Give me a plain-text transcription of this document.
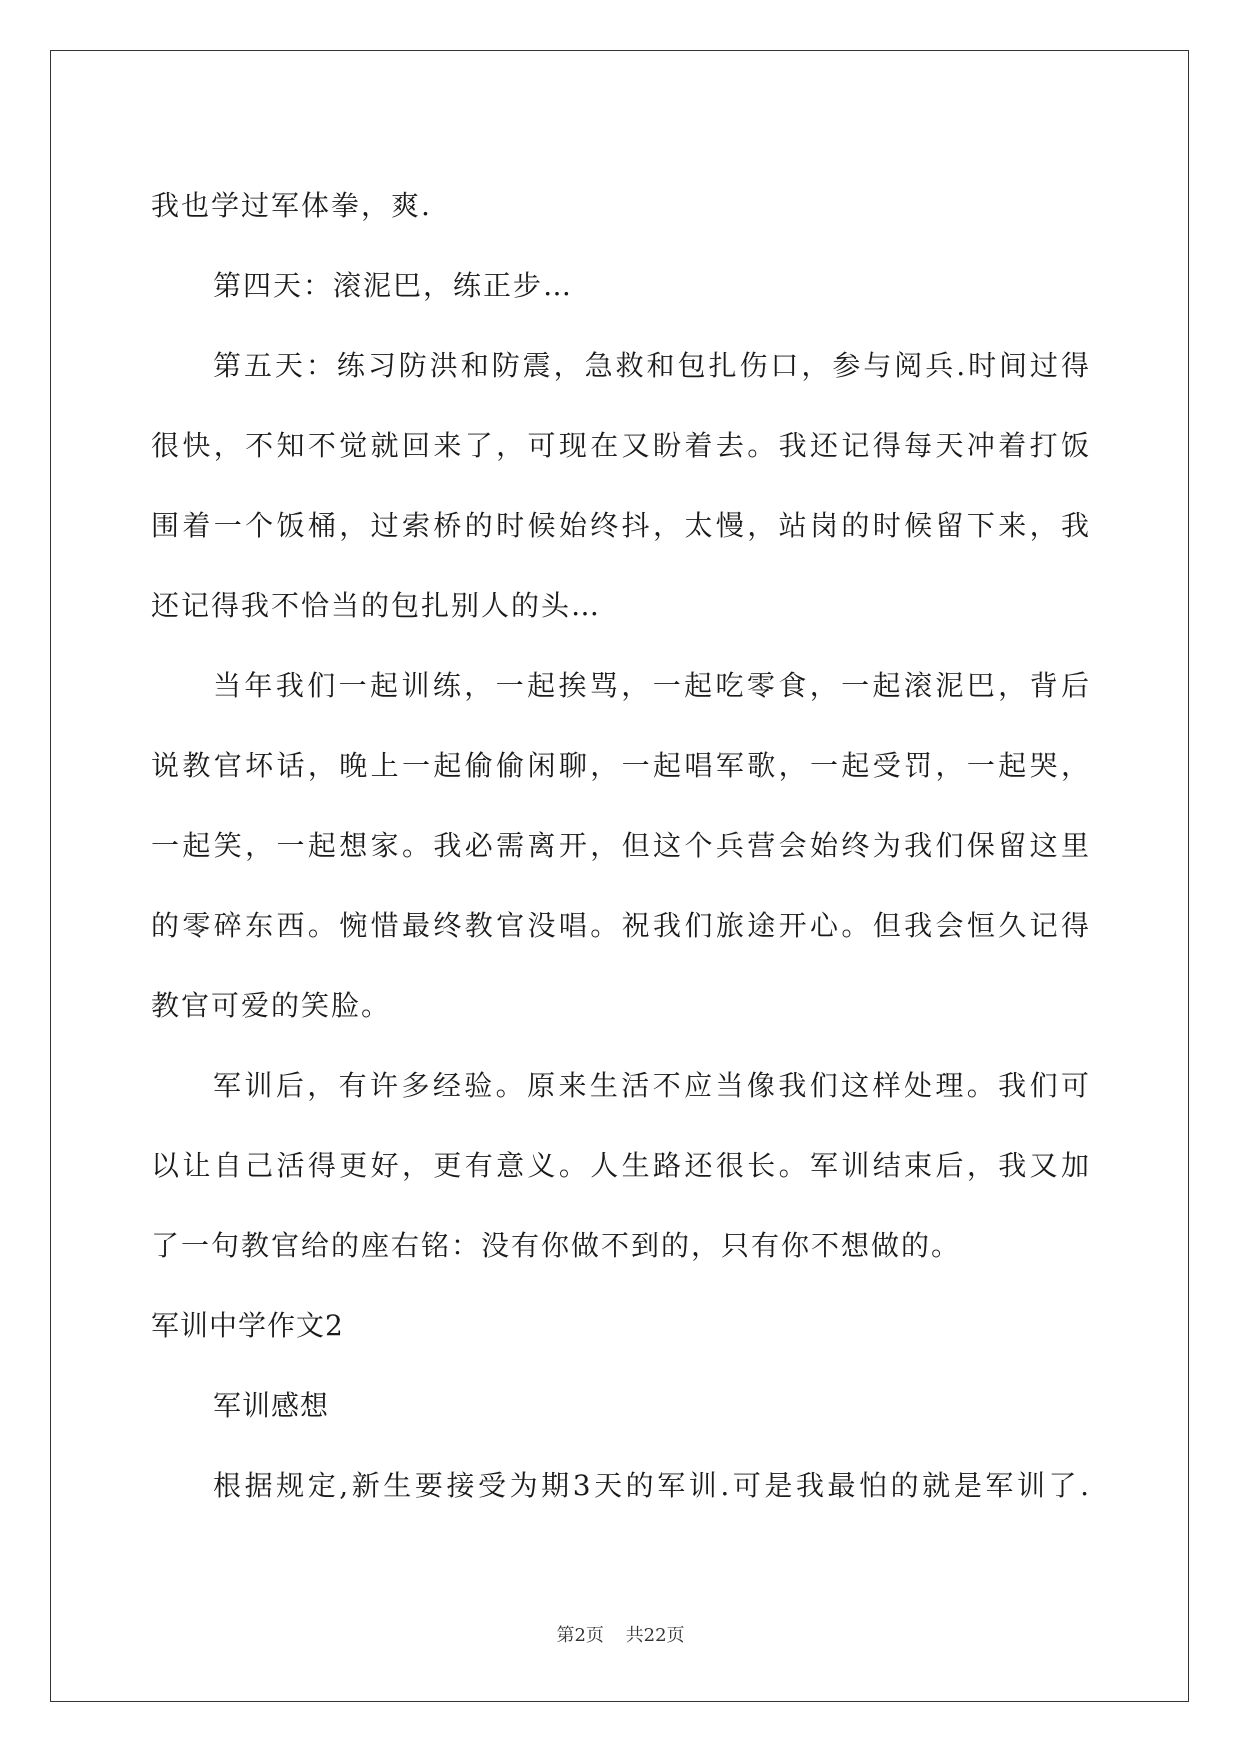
我也学过军体拳，爽.
第四天：滚泥巴，练正步…
第五天：练习防洪和防震，急救和包扎伤口，参与阅兵.时间过得
很快，不知不觉就回来了，可现在又盼着去。我还记得每天冲着打饭
围着一个饭桶，过索桥的时候始终抖，太慢，站岗的时候留下来，我
还记得我不恰当的包扎别人的头…
当年我们一起训练，一起挨骂，一起吃零食，一起滚泥巴，背后
说教官坏话，晚上一起偷偷闲聊，一起唱军歌，一起受罚，一起哭，
一起笑，一起想家。我必需离开，但这个兵营会始终为我们保留这里
的零碎东西。惋惜最终教官没唱。祝我们旅途开心。但我会恒久记得
教官可爱的笑脸。
军训后，有许多经验。原来生活不应当像我们这样处理。我们可
以让自己活得更好，更有意义。人生路还很长。军训结束后，我又加
了一句教官给的座右铭：没有你做不到的，只有你不想做的。
军训中学作文2
军训感想
根据规定,新生要接受为期3天的军训.可是我最怕的就是军训了.
第2页 共22页
